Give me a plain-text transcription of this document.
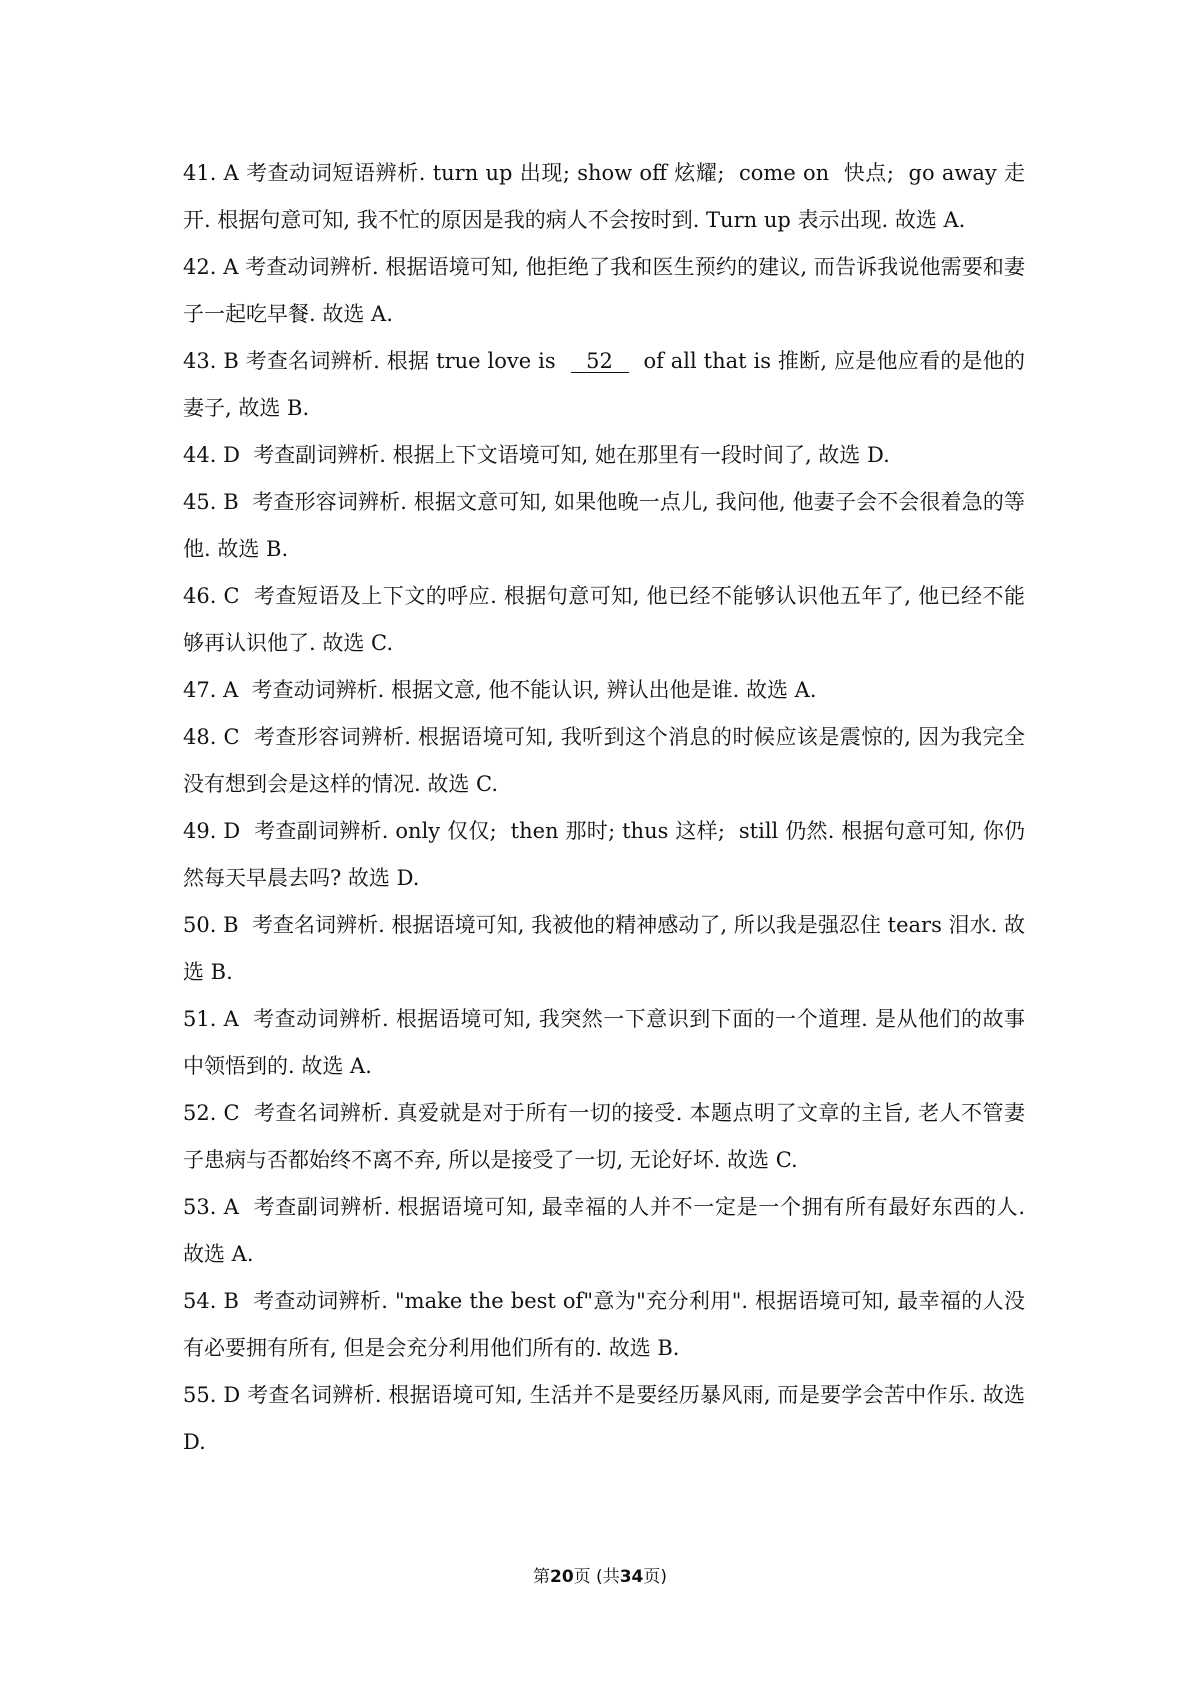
41. A 考查动词短语辨析. turn up 出现; show off 炫耀;  come on  快点;  go away 走开. 根据句意可知, 我不忙的原因是我的病人不会按时到. Turn up 表示出现. 故选 A.

42. A 考查动词辨析. 根据语境可知, 他拒绝了我和医生预约的建议, 而告诉我说他需要和妻子一起吃早餐. 故选 A.

43. B 考查名词辨析. 根据 true love is 52 of all that is 推断, 应是他应看的是他的妻子, 故选 B.

44. D  考查副词辨析. 根据上下文语境可知, 她在那里有一段时间了, 故选 D.

45. B  考查形容词辨析. 根据文意可知, 如果他晚一点儿, 我问他, 他妻子会不会很着急的等他. 故选 B.

46. C  考查短语及上下文的呼应. 根据句意可知, 他已经不能够认识他五年了, 他已经不能够再认识他了. 故选 C.

47. A  考查动词辨析. 根据文意, 他不能认识, 辨认出他是谁. 故选 A.

48. C  考查形容词辨析. 根据语境可知, 我听到这个消息的时候应该是震惊的, 因为我完全没有想到会是这样的情况. 故选 C.

49. D  考查副词辨析. only 仅仅;  then 那时; thus 这样;  still 仍然. 根据句意可知, 你仍然每天早晨去吗? 故选 D.

50. B  考查名词辨析. 根据语境可知, 我被他的精神感动了, 所以我是强忍住 tears 泪水. 故选 B.

51. A  考查动词辨析. 根据语境可知, 我突然一下意识到下面的一个道理. 是从他们的故事中领悟到的. 故选 A.

52. C  考查名词辨析. 真爱就是对于所有一切的接受. 本题点明了文章的主旨, 老人不管妻子患病与否都始终不离不弃, 所以是接受了一切, 无论好坏. 故选 C.

53. A  考查副词辨析. 根据语境可知, 最幸福的人并不一定是一个拥有所有最好东西的人. 故选 A.

54. B  考查动词辨析. "make the best of"意为"充分利用". 根据语境可知, 最幸福的人没有必要拥有所有, 但是会充分利用他们所有的. 故选 B.

55. D 考查名词辨析. 根据语境可知, 生活并不是要经历暴风雨, 而是要学会苦中作乐. 故选 D.

第20页 (共34页)
